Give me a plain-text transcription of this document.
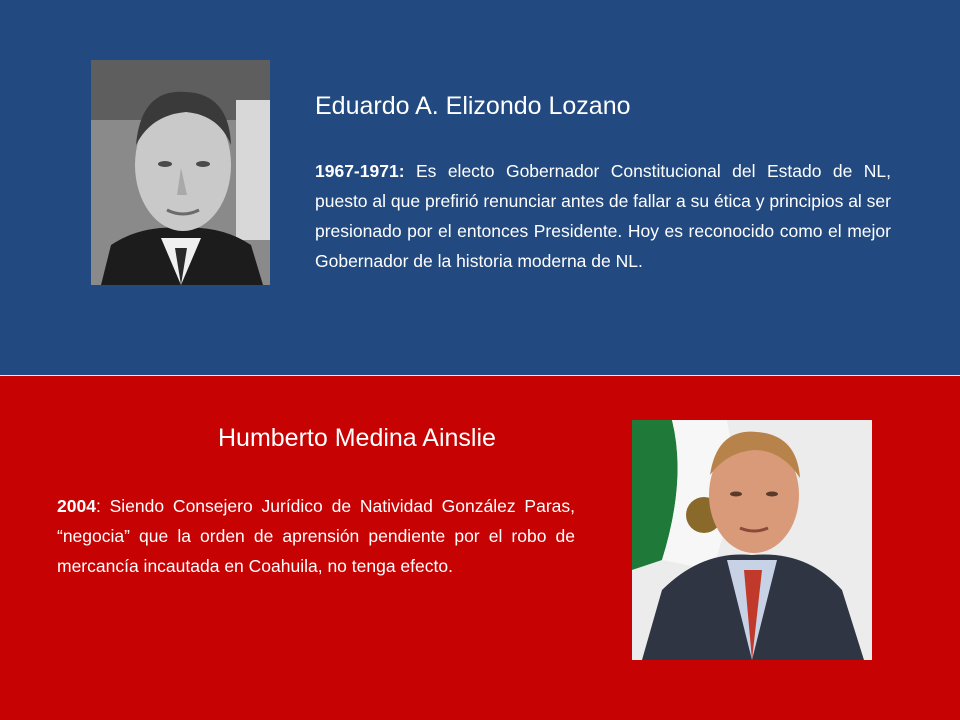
Eduardo A. Elizondo Lozano

1967-1971: Es electo Gobernador Constitucional del Estado de NL, puesto al que prefirió renunciar antes de fallar a su ética y principios al ser presionado por el entonces Presidente. Hoy es reconocido como el mejor Gobernador de la historia moderna de NL.

Humberto Medina Ainslie

2004: Siendo Consejero Jurídico de Natividad González Paras, “negocia” que la orden de aprensión pendiente por el robo de mercancía incautada en Coahuila, no tenga efecto.
